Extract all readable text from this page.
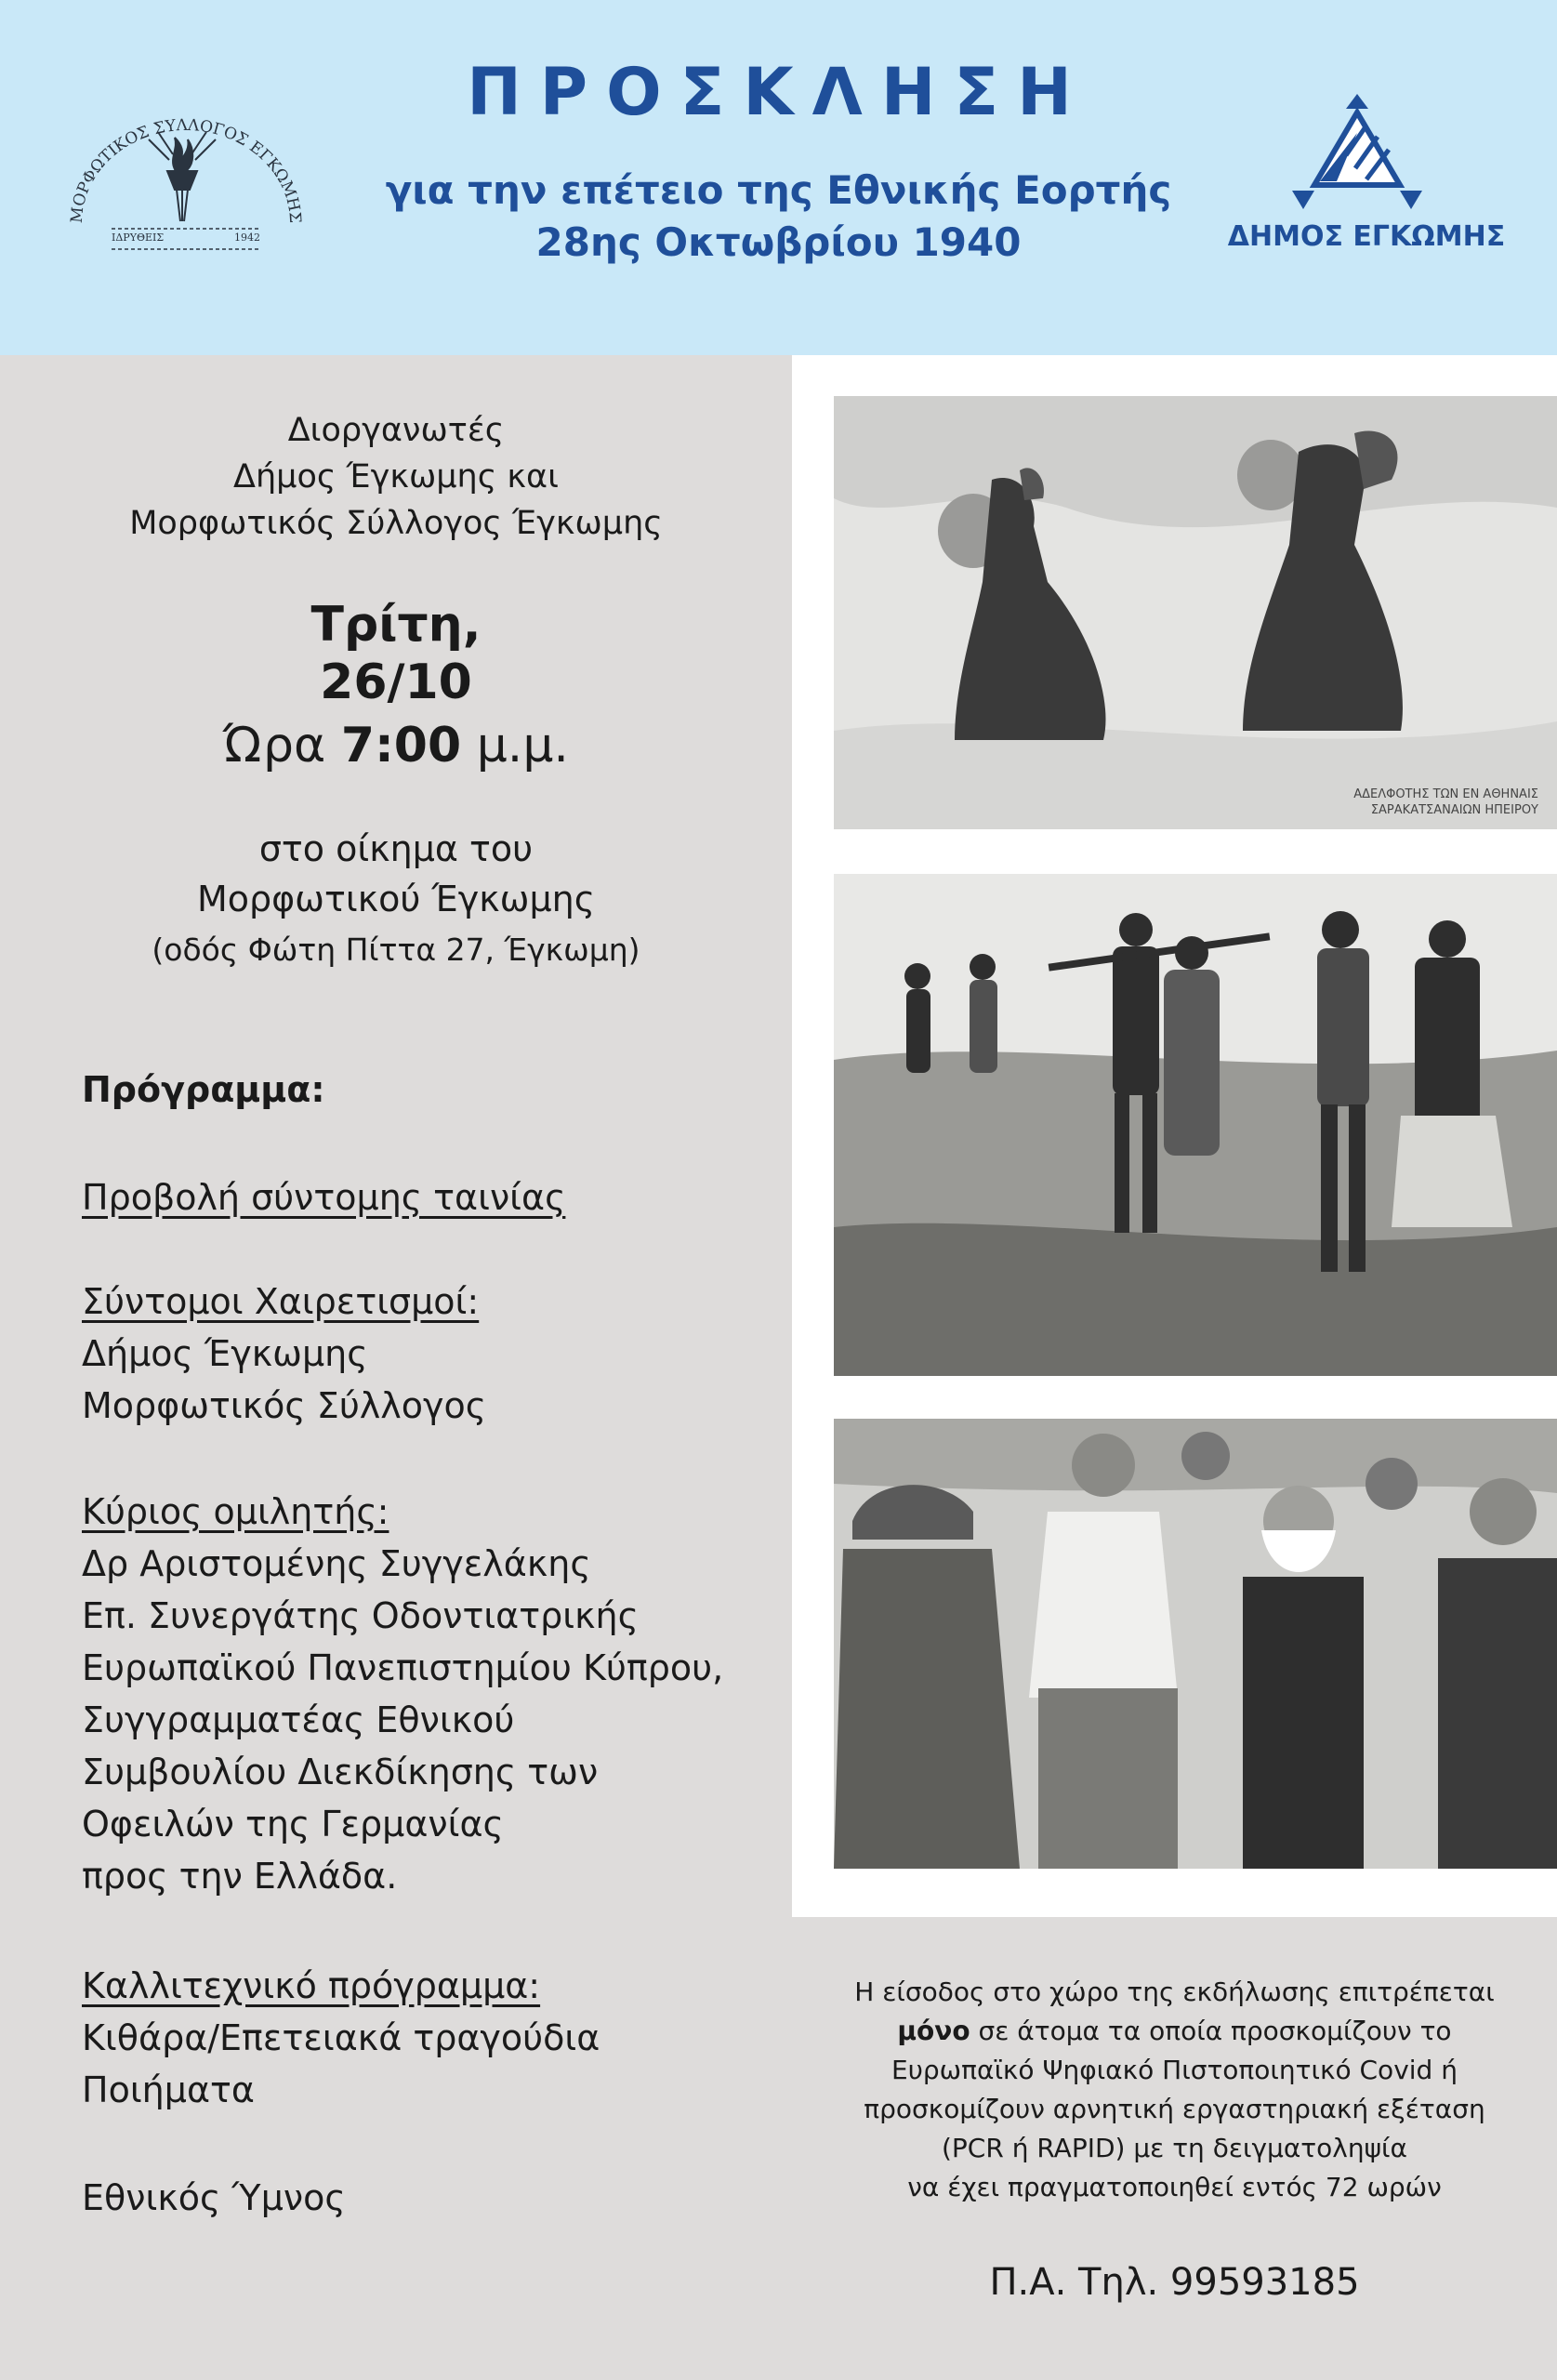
ΜΟΡΦΩΤΙΚΟΣ ΣΥΛΛΟΓΟΣ ΕΓΚΩΜΗΣ
ΙΔΡΥΘΕΙΣ	1942
ΠΡΟΣΚΛΗΣΗ
για την επέτειο της Εθνικής Εορτής
28ης Οκτωβρίου 1940	ΔΗΜΟΣ ΕΓΚΩΜΗΣ
Διοργανωτές
Δήμος Έγκωμης και
Μορφωτικός Σύλλογος Έγκωμης
Τρίτη,
26/10
Ώρα 7:00 μ.μ.
στο οίκημα του
Μορφωτικού Έγκωμης
(οδός Φώτη Πίττα 27, Έγκωμη)
Πρόγραμμα:
Προβολή σύντομης ταινίας
Σύντομοι Χαιρετισμοί:
Δήμος Έγκωμης
Μορφωτικός Σύλλογος
Κύριος ομιλητής:
Δρ Αριστομένης Συγγελάκης
Επ. Συνεργάτης Οδοντιατρικής
Ευρωπαϊκού Πανεπιστημίου Κύπρου,
Συγγραμματέας Εθνικού
Συμβουλίου Διεκδίκησης των
Οφειλών της Γερμανίας
προς την Ελλάδα.
Καλλιτεχνικό πρόγραμμα:
Κιθάρα/Επετειακά τραγούδια
Ποιήματα
Εθνικός Ύμνος
ΑΔΕΛΦΟΤΗΣ ΤΩΝ ΕΝ ΑΘΗΝΑΙΣ
ΣΑΡΑΚΑΤΣΑΝΑΙΩΝ ΗΠΕΙΡΟΥ
Η είσοδος στο χώρο της εκδήλωσης επιτρέπεται
μόνο σε άτομα τα οποία προσκομίζουν το
Ευρωπαϊκό Ψηφιακό Πιστοποιητικό Covid ή
προσκομίζουν αρνητική εργαστηριακή εξέταση
(PCR ή RAPID) με τη δειγματοληψία
να έχει πραγματοποιηθεί εντός 72 ωρών
Π.Α. Τηλ. 99593185
